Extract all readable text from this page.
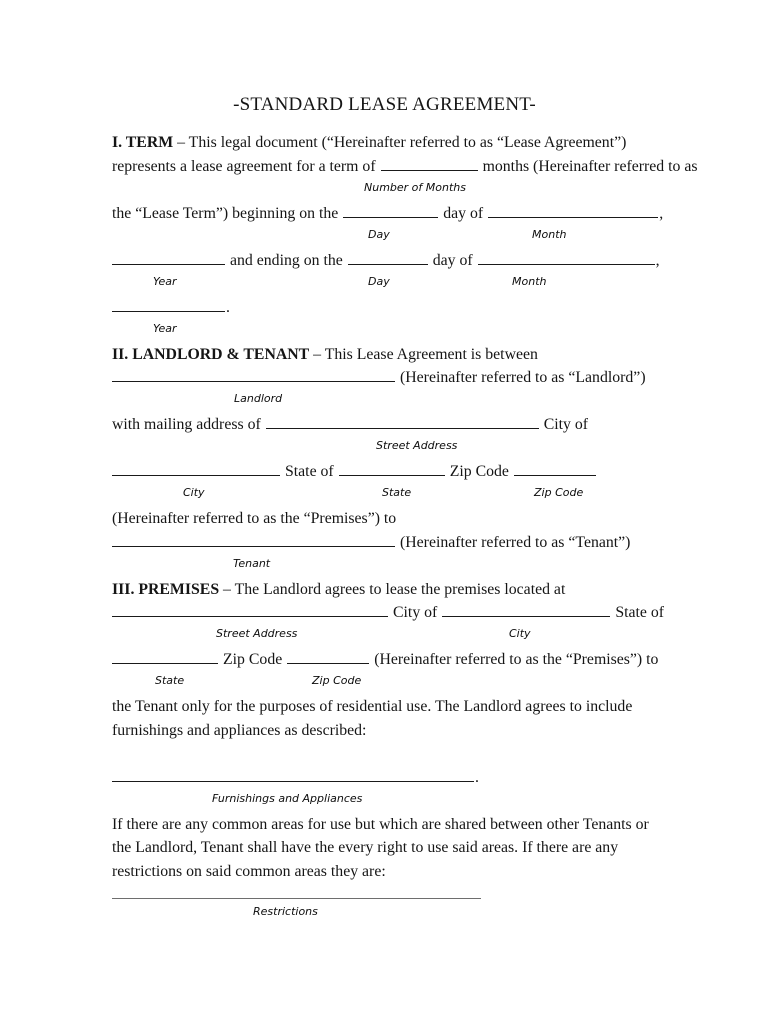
-STANDARD LEASE AGREEMENT-

I. TERM – This legal document (“Hereinafter referred to as “Lease Agreement”)

represents a lease agreement for a term of	months (Hereinafter referred to as
Number of Months
the “Lease Term”) beginning on the	day of	,
Day	Month
and ending on the	day of	,
Year	Day	Month
.
Year

II. LANDLORD & TENANT – This Lease Agreement is between

(Hereinafter referred to as “Landlord”)
Landlord
with mailing address of	City of
Street Address
State of	Zip Code
City	State	Zip Code
(Hereinafter referred to as the “Premises”) to
(Hereinafter referred to as “Tenant”)
Tenant

III. PREMISES – The Landlord agrees to lease the premises located at

City of	State of
Street Address	City
Zip Code	(Hereinafter referred to as the “Premises”) to
State	Zip Code

the Tenant only for the purposes of residential use. The Landlord agrees to include furnishings and appliances as described:

.
Furnishings and Appliances

If there are any common areas for use but which are shared between other Tenants or the Landlord, Tenant shall have the every right to use said areas. If there are any restrictions on said common areas they are:

Restrictions
